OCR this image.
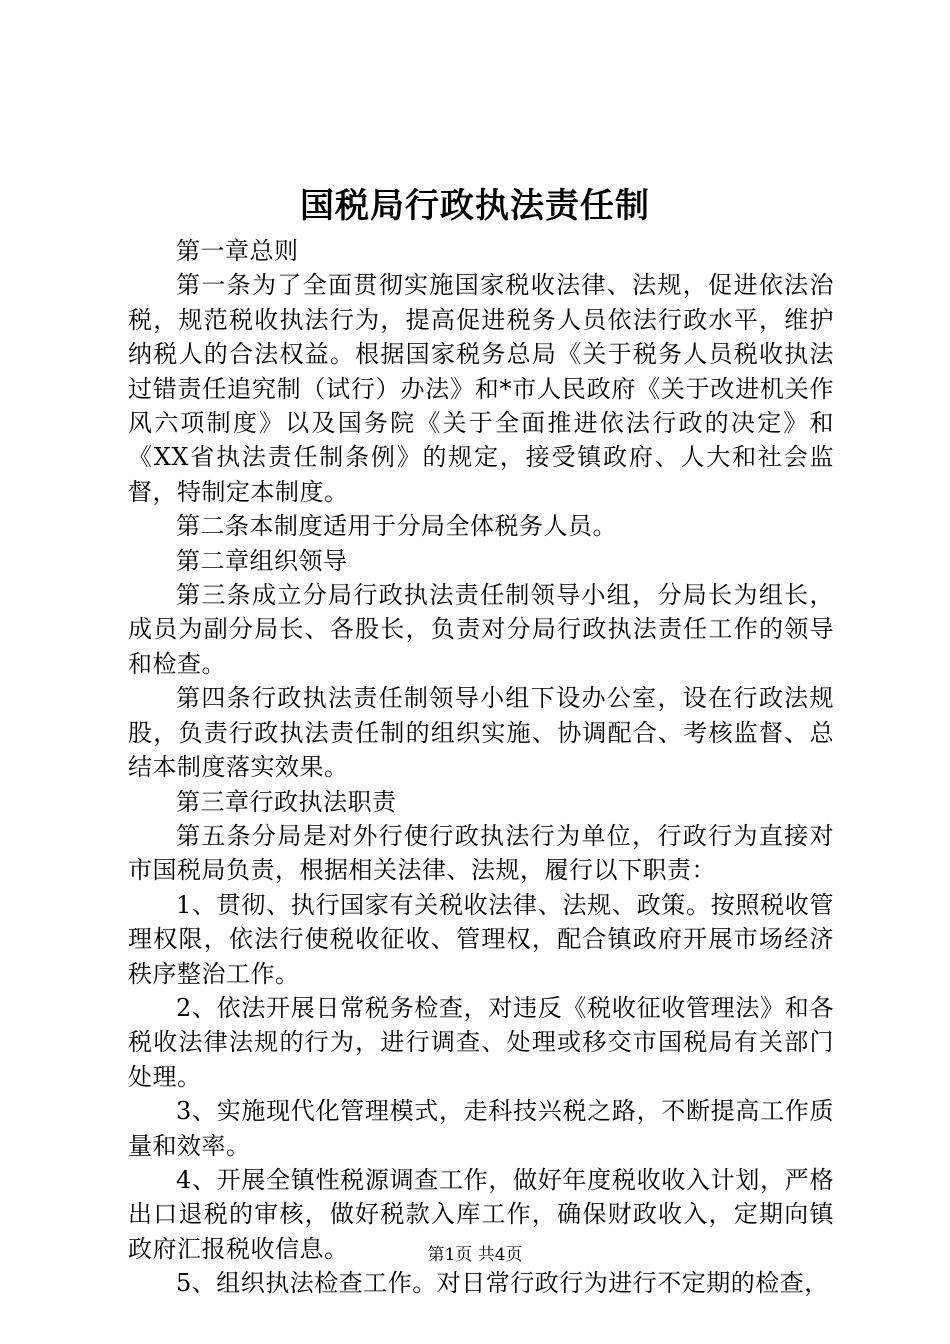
国税局行政执法责任制

第一章总则

第一条为了全面贯彻实施国家税收法律、法规，促进依法治税，规范税收执法行为，提高促进税务人员依法行政水平，维护纳税人的合法权益。根据国家税务总局《关于税务人员税收执法过错责任追究制（试行）办法》和*市人民政府《关于改进机关作风六项制度》以及国务院《关于全面推进依法行政的决定》和《XX省执法责任制条例》的规定，接受镇政府、人大和社会监督，特制定本制度。

第二条本制度适用于分局全体税务人员。

第二章组织领导

第三条成立分局行政执法责任制领导小组，分局长为组长，成员为副分局长、各股长，负责对分局行政执法责任工作的领导和检查。

第四条行政执法责任制领导小组下设办公室，设在行政法规股，负责行政执法责任制的组织实施、协调配合、考核监督、总结本制度落实效果。

第三章行政执法职责

第五条分局是对外行使行政执法行为单位，行政行为直接对市国税局负责，根据相关法律、法规，履行以下职责：

1、贯彻、执行国家有关税收法律、法规、政策。按照税收管理权限，依法行使税收征收、管理权，配合镇政府开展市场经济秩序整治工作。

2、依法开展日常税务检查，对违反《税收征收管理法》和各税收法律法规的行为，进行调查、处理或移交市国税局有关部门处理。

3、实施现代化管理模式，走科技兴税之路，不断提高工作质量和效率。

4、开展全镇性税源调查工作，做好年度税收收入计划，严格出口退税的审核，做好税款入库工作，确保财政收入，定期向镇政府汇报税收信息。

5、组织执法检查工作。对日常行政行为进行不定期的检查，

第1页 共4页
